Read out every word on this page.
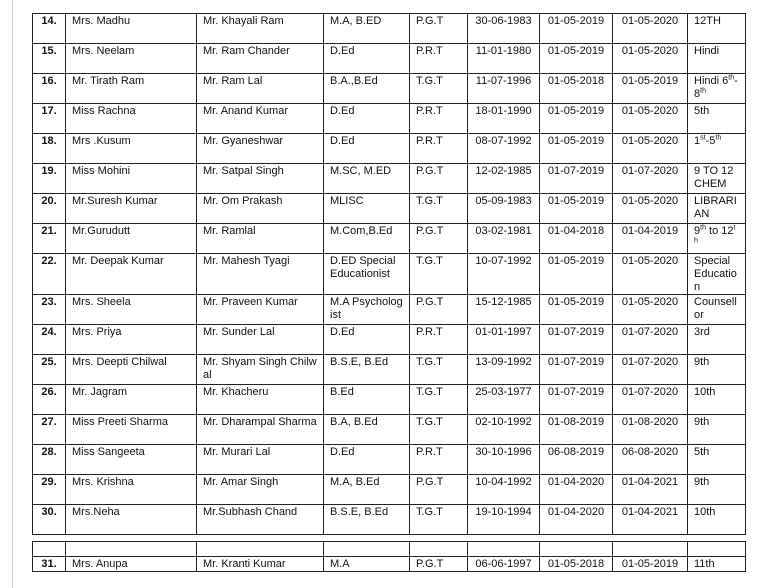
14.	Mrs. Madhu	Mr. Khayali Ram	M.A, B.ED	P.G.T	30-06-1983	01-05-2019	01-05-2020	12TH
15.	Mrs. Neelam	Mr. Ram Chander	D.Ed	P.R.T	11-01-1980	01-05-2019	01-05-2020	Hindi
16.	Mr. Tirath Ram	Mr. Ram Lal	B.A.,B.Ed	T.G.T	11-07-1996	01-05-2018	01-05-2019	Hindi 6th-8th
17.	Miss Rachna	Mr. Anand Kumar	D.Ed	P.R.T	18-01-1990	01-05-2019	01-05-2020	5th
18.	Mrs .Kusum	Mr. Gyaneshwar	D.Ed	P.R.T	08-07-1992	01-05-2019	01-05-2020	1st-5th
19.	Miss Mohini	Mr. Satpal Singh	M.SC, M.ED	P.G.T	12-02-1985	01-07-2019	01-07-2020	9 TO 12 CHEM
20.	Mr.Suresh Kumar	Mr. Om Prakash	MLISC	T.G.T	05-09-1983	01-05-2019	01-05-2020	LIBRARIAN
21.	Mr.Gurudutt	Mr. Ramlal	M.Com,B.Ed	P.G.T	03-02-1981	01-04-2018	01-04-2019	9th to 12th
22.	Mr. Deepak Kumar	Mr. Mahesh Tyagi	D.ED Special Educationist	T.G.T	10-07-1992	01-05-2019	01-05-2020	Special Education
23.	Mrs. Sheela	Mr. Praveen Kumar	M.A Psychologist	P.G.T	15-12-1985	01-05-2019	01-05-2020	Counsellor
24.	Mrs. Priya	Mr. Sunder Lal	D.Ed	P.R.T	01-01-1997	01-07-2019	01-07-2020	3rd
25.	Mrs. Deepti Chilwal	Mr. Shyam Singh Chilwal	B.S.E, B.Ed	T.G.T	13-09-1992	01-07-2019	01-07-2020	9th
26.	Mr. Jagram	Mr. Khacheru	B.Ed	T.G.T	25-03-1977	01-07-2019	01-07-2020	10th
27.	Miss Preeti Sharma	Mr. Dharampal Sharma	B.A, B.Ed	T.G.T	02-10-1992	01-08-2019	01-08-2020	9th
28.	Miss Sangeeta	Mr. Murari Lal	D.Ed	P.R.T	30-10-1996	06-08-2019	06-08-2020	5th
29.	Mrs. Krishna	Mr. Amar Singh	M.A, B.Ed	P.G.T	10-04-1992	01-04-2020	01-04-2021	9th
30.	Mrs.Neha	Mr.Subhash Chand	B.S.E, B.Ed	T.G.T	19-10-1994	01-04-2020	01-04-2021	10th

31.	Mrs. Anupa	Mr. Kranti Kumar	M.A	P.G.T	06-06-1997	01-05-2018	01-05-2019	11th
